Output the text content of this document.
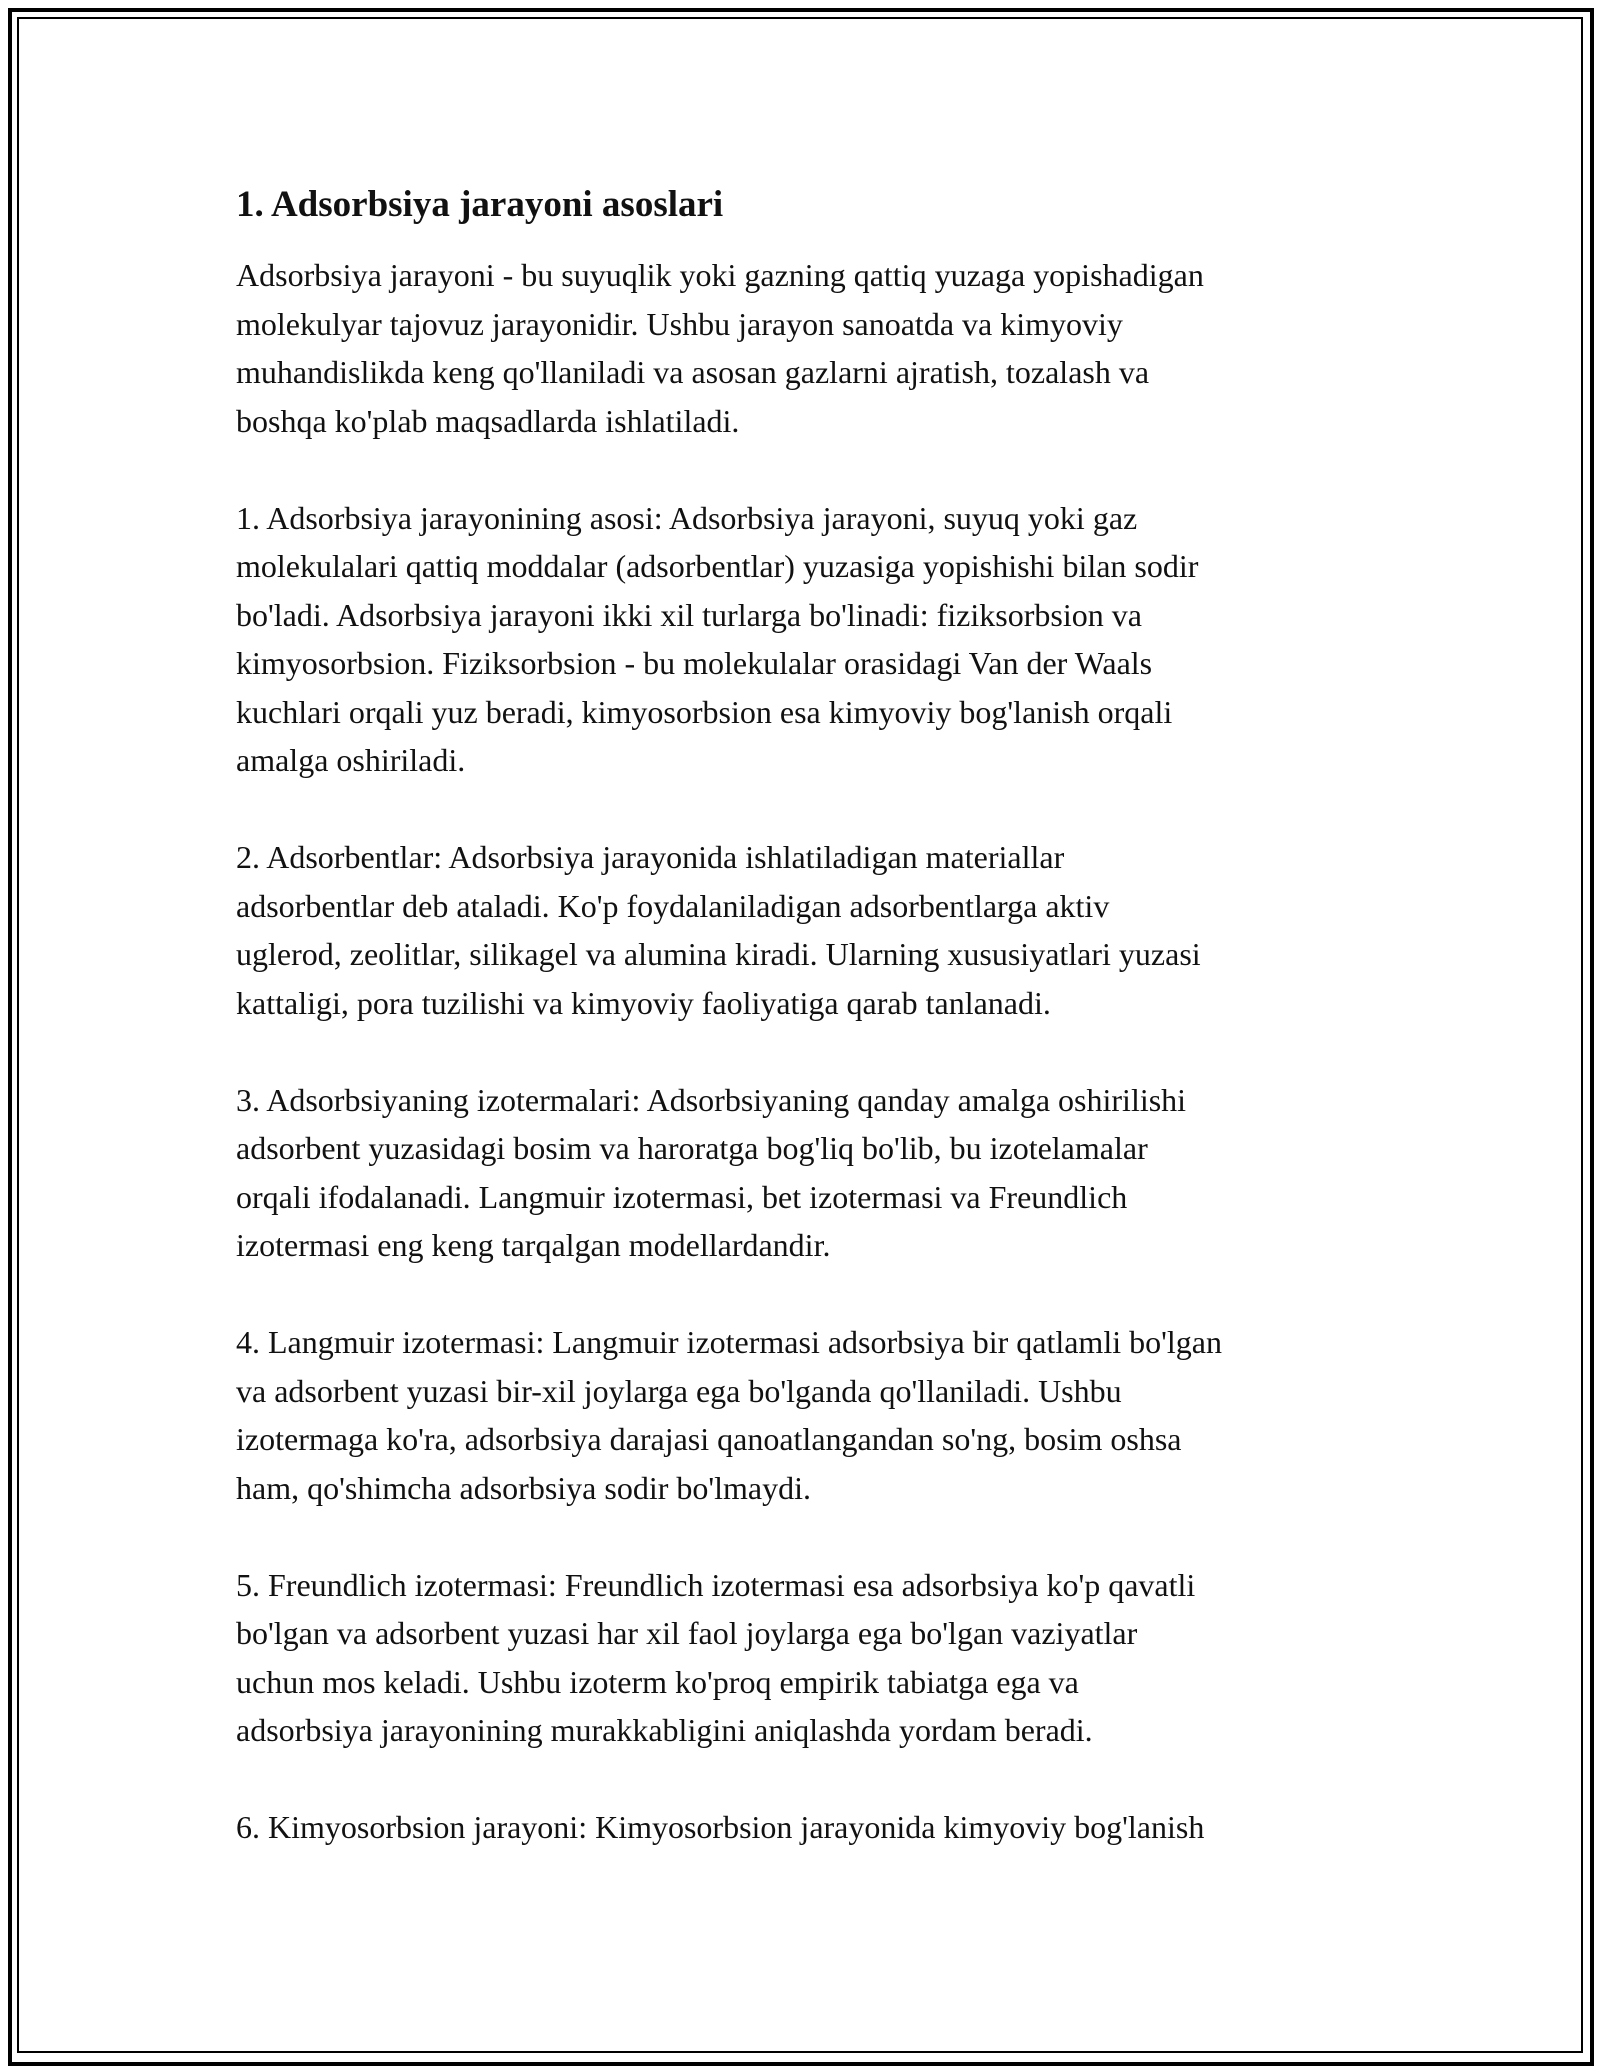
1. Adsorbsiya jarayoni asoslari

Adsorbsiya jarayoni - bu suyuqlik yoki gazning qattiq yuzaga yopishadigan
molekulyar tajovuz jarayonidir. Ushbu jarayon sanoatda va kimyoviy
muhandislikda keng qo'llaniladi va asosan gazlarni ajratish, tozalash va
boshqa ko'plab maqsadlarda ishlatiladi.

1. Adsorbsiya jarayonining asosi: Adsorbsiya jarayoni, suyuq yoki gaz
molekulalari qattiq moddalar (adsorbentlar) yuzasiga yopishishi bilan sodir
bo'ladi. Adsorbsiya jarayoni ikki xil turlarga bo'linadi: fiziksorbsion va
kimyosorbsion. Fiziksorbsion - bu molekulalar orasidagi Van der Waals
kuchlari orqali yuz beradi, kimyosorbsion esa kimyoviy bog'lanish orqali
amalga oshiriladi.

2. Adsorbentlar: Adsorbsiya jarayonida ishlatiladigan materiallar
adsorbentlar deb ataladi. Ko'p foydalaniladigan adsorbentlarga aktiv
uglerod, zeolitlar, silikagel va alumina kiradi. Ularning xususiyatlari yuzasi
kattaligi, pora tuzilishi va kimyoviy faoliyatiga qarab tanlanadi.

3. Adsorbsiyaning izotermalari: Adsorbsiyaning qanday amalga oshirilishi
adsorbent yuzasidagi bosim va haroratga bog'liq bo'lib, bu izotelamalar
orqali ifodalanadi. Langmuir izotermasi, bet izotermasi va Freundlich
izotermasi eng keng tarqalgan modellardandir.

4. Langmuir izotermasi: Langmuir izotermasi adsorbsiya bir qatlamli bo'lgan
va adsorbent yuzasi bir-xil joylarga ega bo'lganda qo'llaniladi. Ushbu
izotermaga ko'ra, adsorbsiya darajasi qanoatlangandan so'ng, bosim oshsa
ham, qo'shimcha adsorbsiya sodir bo'lmaydi.

5. Freundlich izotermasi: Freundlich izotermasi esa adsorbsiya ko'p qavatli
bo'lgan va adsorbent yuzasi har xil faol joylarga ega bo'lgan vaziyatlar
uchun mos keladi. Ushbu izoterm ko'proq empirik tabiatga ega va
adsorbsiya jarayonining murakkabligini aniqlashda yordam beradi.

6. Kimyosorbsion jarayoni: Kimyosorbsion jarayonida kimyoviy bog'lanish
